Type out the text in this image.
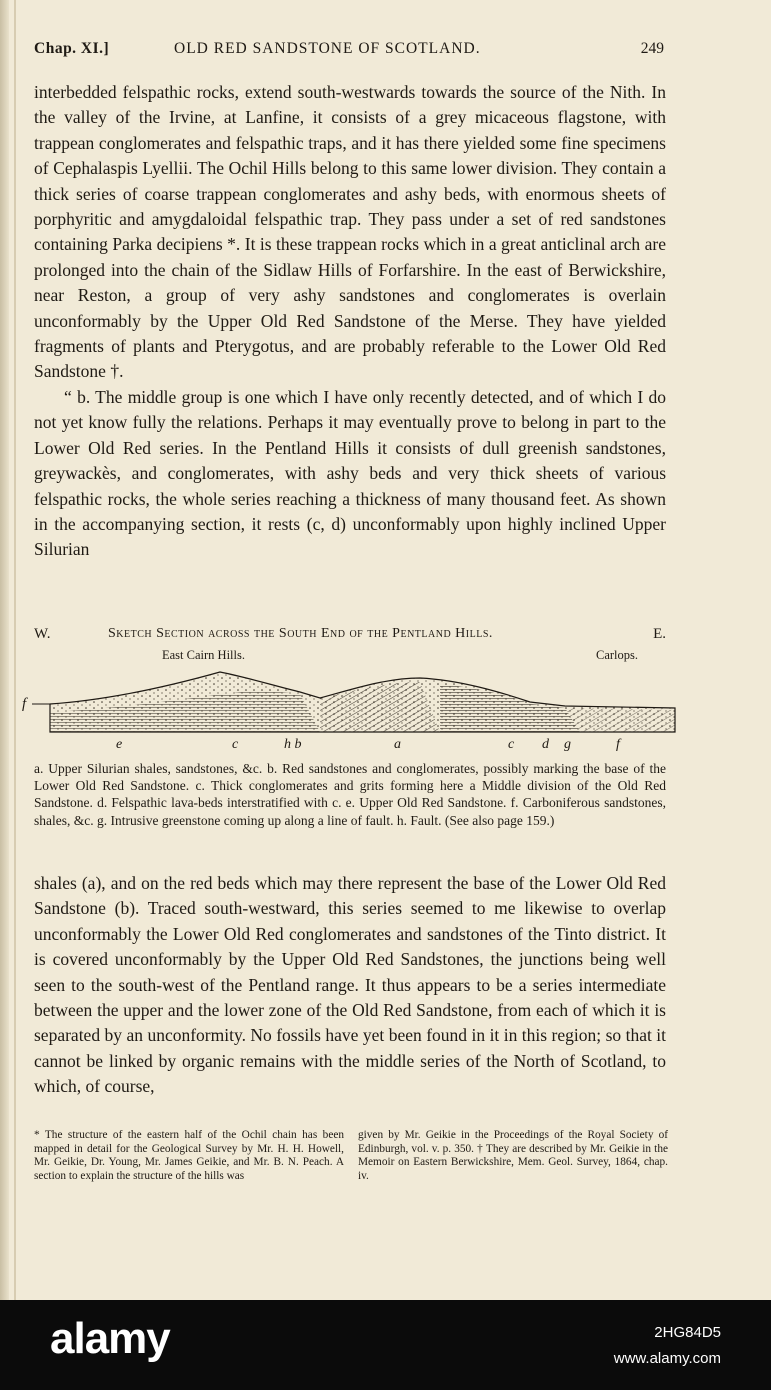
Chap. XI.]	OLD RED SANDSTONE OF SCOTLAND.	249

interbedded felspathic rocks, extend south-westwards towards the source of the Nith. In the valley of the Irvine, at Lanfine, it consists of a grey micaceous flagstone, with trappean conglomerates and felspathic traps, and it has there yielded some fine specimens of Cephalaspis Lyellii. The Ochil Hills belong to this same lower division. They contain a thick series of coarse trappean conglomerates and ashy beds, with enormous sheets of porphyritic and amygdaloidal felspathic trap. They pass under a set of red sandstones containing Parka decipiens *. It is these trappean rocks which in a great anticlinal arch are prolonged into the chain of the Sidlaw Hills of Forfarshire. In the east of Berwickshire, near Reston, a group of very ashy sandstones and conglomerates is overlain unconformably by the Upper Old Red Sandstone of the Merse. They have yielded fragments of plants and Pterygotus, and are probably referable to the Lower Old Red Sandstone †.

“ b. The middle group is one which I have only recently detected, and of which I do not yet know fully the relations. Perhaps it may eventually prove to belong in part to the Lower Old Red series. In the Pentland Hills it consists of dull greenish sandstones, greywackès, and conglomerates, with ashy beds and very thick sheets of various felspathic rocks, the whole series reaching a thickness of many thousand feet. As shown in the accompanying section, it rests (c, d) unconformably upon highly inclined Upper Silurian

W.	Sketch Section across the South End of the Pentland Hills.	E.
East Cairn Hills.	Carlops.
f
e	c	h b	a	c d g	f

a. Upper Silurian shales, sandstones, &c. b. Red sandstones and conglomerates, possibly marking the base of the Lower Old Red Sandstone. c. Thick conglomerates and grits forming here a Middle division of the Old Red Sandstone. d. Felspathic lava-beds interstratified with c. e. Upper Old Red Sandstone. f. Carboniferous sandstones, shales, &c. g. Intrusive greenstone coming up along a line of fault. h. Fault. (See also page 159.)

shales (a), and on the red beds which may there represent the base of the Lower Old Red Sandstone (b). Traced south-westward, this series seemed to me likewise to overlap unconformably the Lower Old Red conglomerates and sandstones of the Tinto district. It is covered unconformably by the Upper Old Red Sandstones, the junctions being well seen to the south-west of the Pentland range. It thus appears to be a series intermediate between the upper and the lower zone of the Old Red Sandstone, from each of which it is separated by an unconformity. No fossils have yet been found in it in this region; so that it cannot be linked by organic remains with the middle series of the North of Scotland, to which, of course,

* The structure of the eastern half of the Ochil chain has been mapped in detail for the Geological Survey by Mr. H. H. Howell, Mr. Geikie, Dr. Young, Mr. James Geikie, and Mr. B. N. Peach. A section to explain the structure of the hills was

given by Mr. Geikie in the Proceedings of the Royal Society of Edinburgh, vol. v. p. 350. † They are described by Mr. Geikie in the Memoir on Eastern Berwickshire, Mem. Geol. Survey, 1864, chap. iv.

alamy	2HG84D5
www.alamy.com
